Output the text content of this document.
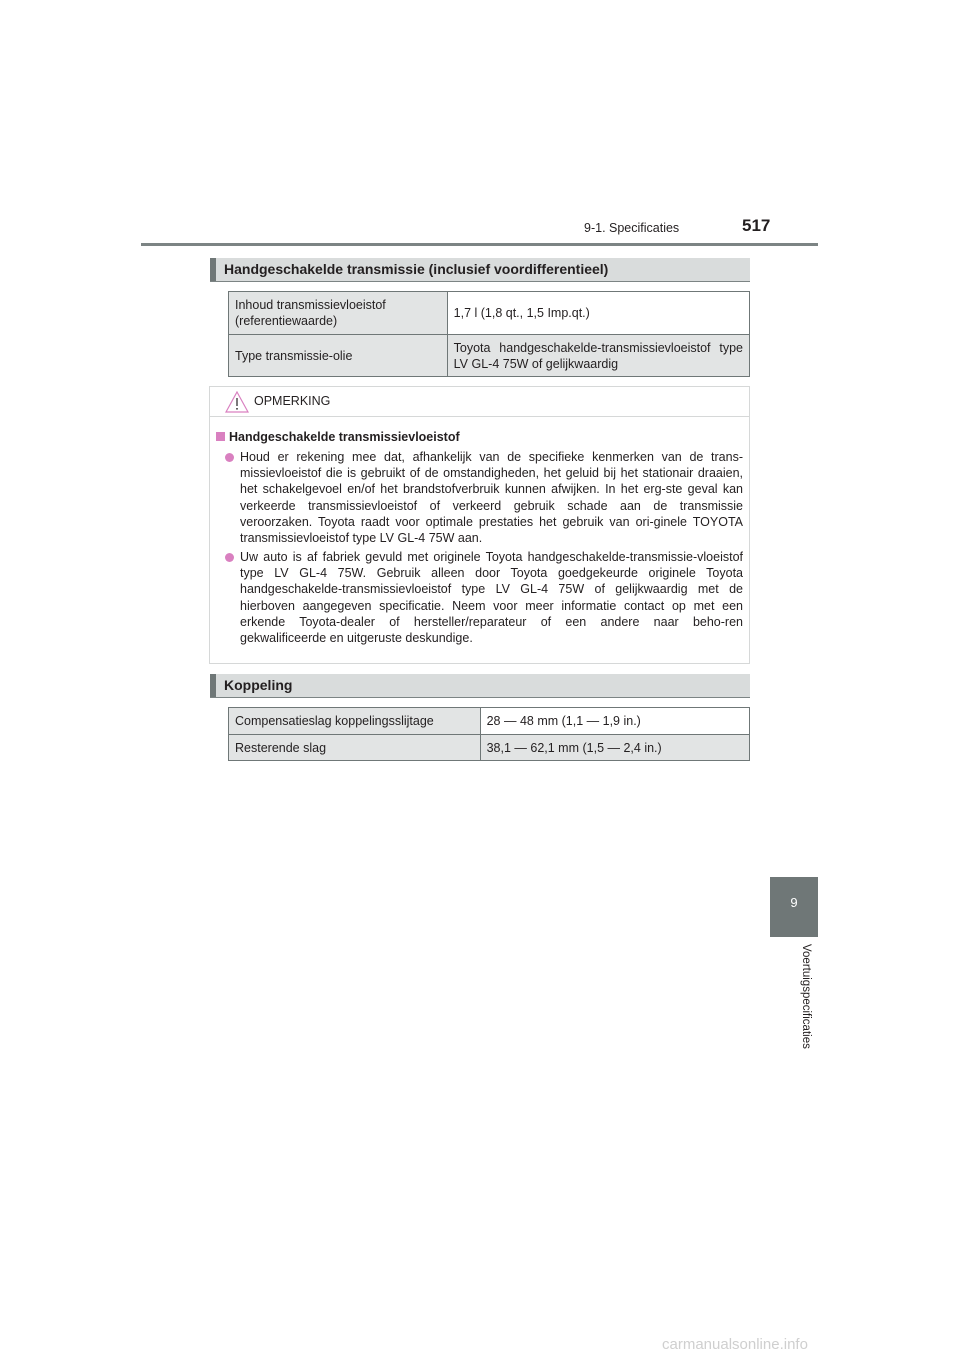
9-1. Specificaties	517
Handgeschakelde transmissie (inclusief voordifferentieel)
Inhoud transmissievloeistof (referentiewaarde)	1,7 l (1,8 qt., 1,5 Imp.qt.)
Type transmissie-olie	Toyota handgeschakelde-transmissievloeistof type LV GL-4 75W of gelijkwaardig
OPMERKING
Handgeschakelde transmissievloeistof
Houd er rekening mee dat, afhankelijk van de specifieke kenmerken van de trans-missievloeistof die is gebruikt of de omstandigheden, het geluid bij het stationair draaien, het schakelgevoel en/of het brandstofverbruik kunnen afwijken. In het erg-ste geval kan verkeerde transmissievloeistof of verkeerd gebruik schade aan de transmissie veroorzaken. Toyota raadt voor optimale prestaties het gebruik van ori-ginele TOYOTA transmissievloeistof type LV GL-4 75W aan.
Uw auto is af fabriek gevuld met originele Toyota handgeschakelde-transmissie-vloeistof type LV GL-4 75W. Gebruik alleen door Toyota goedgekeurde originele Toyota handgeschakelde-transmissievloeistof type LV GL-4 75W of gelijkwaardig met de hierboven aangegeven specificatie. Neem voor meer informatie contact op met een erkende Toyota-dealer of hersteller/reparateur of een andere naar beho-ren gekwalificeerde en uitgeruste deskundige.
Koppeling
Compensatieslag koppelingsslijtage	28 — 48 mm (1,1 — 1,9 in.)
Resterende slag	38,1 — 62,1 mm (1,5 — 2,4 in.)
9
Voertuigspecificaties
carmanualsonline.info
